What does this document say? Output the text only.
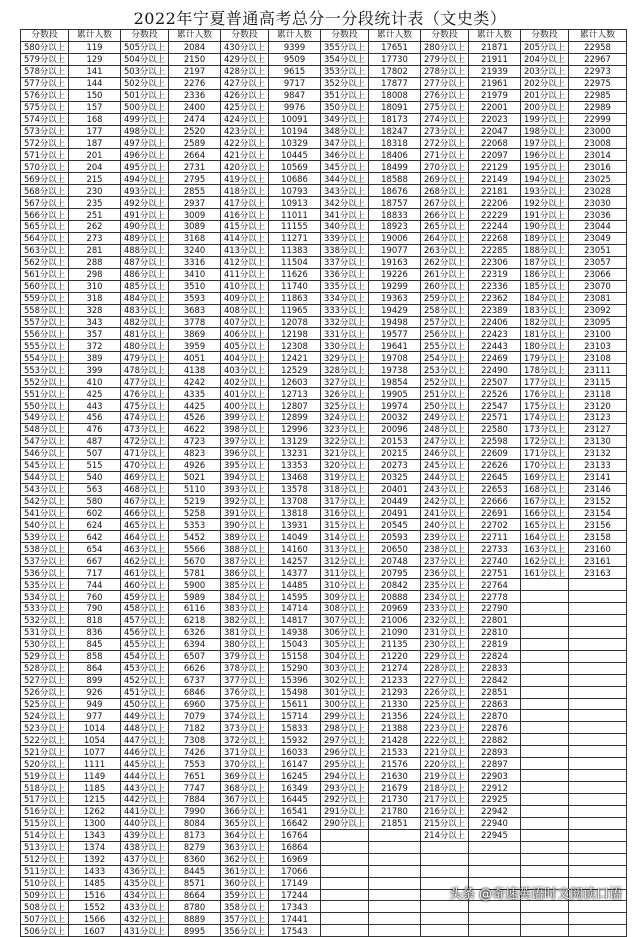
2022年宁夏普通高考总分一分段统计表（文史类）
分数段	累计人数	分数段	累计人数	分数段	累计人数	分数段	累计人数	分数段	累计人数	分数段	累计人数
580分以上	119	505分以上	2084	430分以上	9399	355分以上	17651	280分以上	21871	205分以上	22958
579分以上	129	504分以上	2150	429分以上	9509	354分以上	17730	279分以上	21911	204分以上	22967
578分以上	141	503分以上	2197	428分以上	9615	353分以上	17802	278分以上	21939	203分以上	22973
577分以上	144	502分以上	2276	427分以上	9717	352分以上	17877	277分以上	21961	202分以上	22975
576分以上	150	501分以上	2336	426分以上	9847	351分以上	18008	276分以上	21979	201分以上	22985
575分以上	157	500分以上	2400	425分以上	9976	350分以上	18091	275分以上	22001	200分以上	22989
574分以上	168	499分以上	2474	424分以上	10091	349分以上	18173	274分以上	22023	199分以上	22999
573分以上	177	498分以上	2520	423分以上	10194	348分以上	18247	273分以上	22047	198分以上	23000
572分以上	187	497分以上	2589	422分以上	10329	347分以上	18318	272分以上	22068	197分以上	23008
571分以上	201	496分以上	2664	421分以上	10445	346分以上	18406	271分以上	22097	196分以上	23014
570分以上	204	495分以上	2731	420分以上	10569	345分以上	18499	270分以上	22129	195分以上	23016
569分以上	215	494分以上	2795	419分以上	10686	344分以上	18588	269分以上	22149	194分以上	23025
568分以上	230	493分以上	2855	418分以上	10793	343分以上	18676	268分以上	22181	193分以上	23028
567分以上	235	492分以上	2937	417分以上	10913	342分以上	18757	267分以上	22206	192分以上	23030
566分以上	251	491分以上	3009	416分以上	11011	341分以上	18833	266分以上	22229	191分以上	23036
565分以上	262	490分以上	3089	415分以上	11155	340分以上	18923	265分以上	22244	190分以上	23044
564分以上	273	489分以上	3168	414分以上	11271	339分以上	19006	264分以上	22268	189分以上	23049
563分以上	281	488分以上	3240	413分以上	11383	338分以上	19077	263分以上	22285	188分以上	23051
562分以上	288	487分以上	3316	412分以上	11504	337分以上	19163	262分以上	22306	187分以上	23057
561分以上	298	486分以上	3410	411分以上	11626	336分以上	19226	261分以上	22319	186分以上	23066
560分以上	310	485分以上	3510	410分以上	11740	335分以上	19299	260分以上	22336	185分以上	23070
559分以上	318	484分以上	3593	409分以上	11863	334分以上	19363	259分以上	22362	184分以上	23081
558分以上	328	483分以上	3683	408分以上	11965	333分以上	19429	258分以上	22389	183分以上	23092
557分以上	343	482分以上	3778	407分以上	12078	332分以上	19498	257分以上	22406	182分以上	23095
556分以上	357	481分以上	3869	406分以上	12198	331分以上	19577	256分以上	22423	181分以上	23100
555分以上	372	480分以上	3959	405分以上	12308	330分以上	19641	255分以上	22443	180分以上	23103
554分以上	389	479分以上	4051	404分以上	12421	329分以上	19708	254分以上	22469	179分以上	23108
553分以上	399	478分以上	4138	403分以上	12529	328分以上	19738	253分以上	22490	178分以上	23111
552分以上	410	477分以上	4242	402分以上	12603	327分以上	19854	252分以上	22507	177分以上	23115
551分以上	425	476分以上	4335	401分以上	12713	326分以上	19905	251分以上	22526	176分以上	23118
550分以上	443	475分以上	4425	400分以上	12807	325分以上	19974	250分以上	22547	175分以上	23120
549分以上	456	474分以上	4526	399分以上	12899	324分以上	20032	249分以上	22571	174分以上	23123
548分以上	476	473分以上	4622	398分以上	12996	323分以上	20096	248分以上	22580	173分以上	23127
547分以上	487	472分以上	4723	397分以上	13129	322分以上	20153	247分以上	22598	172分以上	23130
546分以上	507	471分以上	4823	396分以上	13231	321分以上	20215	246分以上	22609	171分以上	23132
545分以上	515	470分以上	4926	395分以上	13353	320分以上	20273	245分以上	22626	170分以上	23133
544分以上	540	469分以上	5021	394分以上	13468	319分以上	20325	244分以上	22645	169分以上	23141
543分以上	563	468分以上	5110	393分以上	13578	318分以上	20401	243分以上	22653	168分以上	23146
542分以上	580	467分以上	5219	392分以上	13708	317分以上	20449	242分以上	22666	167分以上	23152
541分以上	602	466分以上	5258	391分以上	13818	316分以上	20491	241分以上	22691	166分以上	23154
540分以上	624	465分以上	5353	390分以上	13931	315分以上	20545	240分以上	22702	165分以上	23156
539分以上	642	464分以上	5452	389分以上	14049	314分以上	20593	239分以上	22711	164分以上	23158
538分以上	654	463分以上	5566	388分以上	14160	313分以上	20650	238分以上	22733	163分以上	23160
537分以上	667	462分以上	5670	387分以上	14257	312分以上	20748	237分以上	22740	162分以上	23161
536分以上	717	461分以上	5781	386分以上	14377	311分以上	20795	236分以上	22751	161分以上	23163
535分以上	744	460分以上	5900	385分以上	14485	310分以上	20842	235分以上	22764		
534分以上	760	459分以上	5989	384分以上	14595	309分以上	20888	234分以上	22778		
533分以上	790	458分以上	6116	383分以上	14714	308分以上	20969	233分以上	22790		
532分以上	818	457分以上	6218	382分以上	14817	307分以上	21006	232分以上	22801		
531分以上	836	456分以上	6326	381分以上	14938	306分以上	21090	231分以上	22810		
530分以上	845	455分以上	6394	380分以上	15043	305分以上	21135	230分以上	22819		
529分以上	858	454分以上	6507	379分以上	15158	304分以上	21220	229分以上	22824		
528分以上	864	453分以上	6626	378分以上	15290	303分以上	21274	228分以上	22833		
527分以上	899	452分以上	6737	377分以上	15396	302分以上	21233	227分以上	22842		
526分以上	926	451分以上	6846	376分以上	15498	301分以上	21293	226分以上	22851		
525分以上	949	450分以上	6960	375分以上	15611	300分以上	21330	225分以上	22863		
524分以上	977	449分以上	7079	374分以上	15714	299分以上	21356	224分以上	22870		
523分以上	1014	448分以上	7182	373分以上	15833	298分以上	21388	223分以上	22876		
522分以上	1054	447分以上	7308	372分以上	15932	297分以上	21428	222分以上	22882		
521分以上	1077	446分以上	7426	371分以上	16033	296分以上	21533	221分以上	22893		
520分以上	1111	445分以上	7553	370分以上	16147	295分以上	21576	220分以上	22897		
519分以上	1149	444分以上	7651	369分以上	16245	294分以上	21630	219分以上	22903		
518分以上	1185	443分以上	7747	368分以上	16349	293分以上	21679	218分以上	22912		
517分以上	1215	442分以上	7884	367分以上	16445	292分以上	21730	217分以上	22925		
516分以上	1262	441分以上	7990	366分以上	16541	291分以上	21780	216分以上	22942		
515分以上	1300	440分以上	8084	365分以上	16642	290分以上	21851	215分以上	22940		
514分以上	1343	439分以上	8173	364分以上	16764			214分以上	22945		
513分以上	1374	438分以上	8279	363分以上	16864						
512分以上	1392	437分以上	8360	362分以上	16969						
511分以上	1433	436分以上	8445	361分以上	17066						
510分以上	1485	435分以上	8571	360分以上	17149						
509分以上	1516	434分以上	8664	359分以上	17244						
508分以上	1552	433分以上	8780	358分以上	17343						
507分以上	1566	432分以上	8889	357分以上	17441						
506分以上	1607	431分以上	8995	356分以上	17543						
头条 @奇速英语时文阅读口语
